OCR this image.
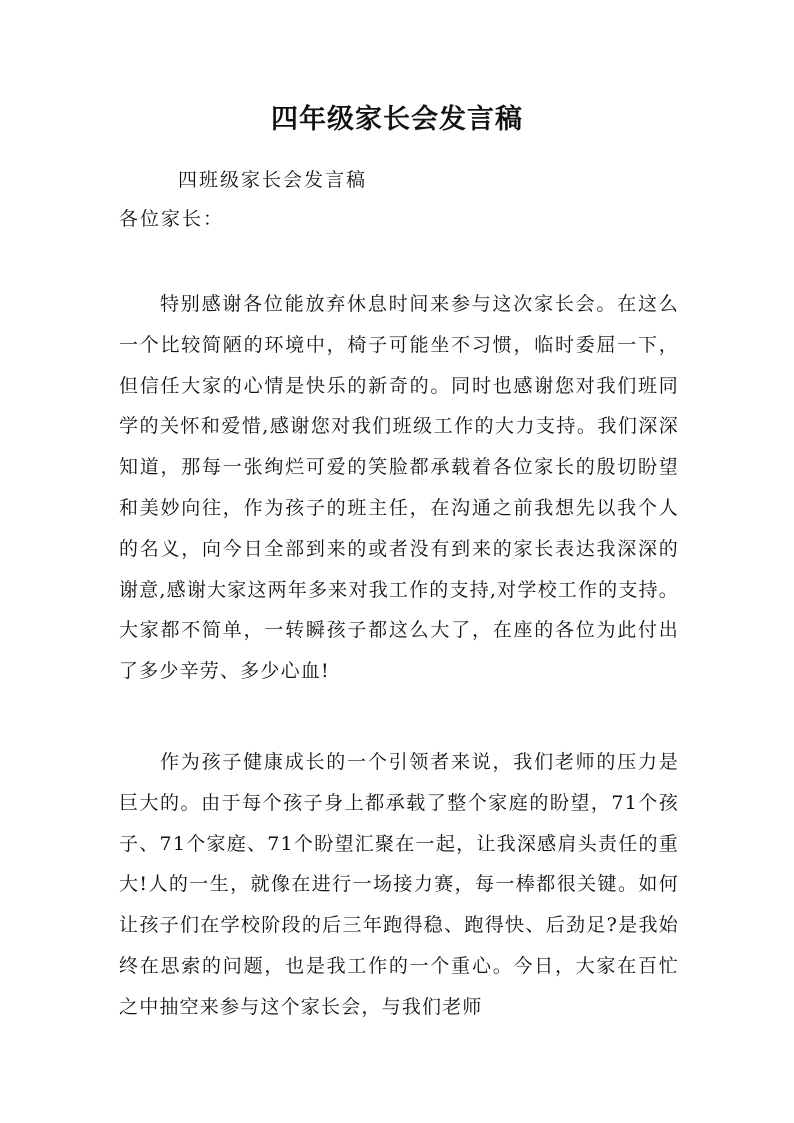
四年级家长会发言稿
四班级家长会发言稿
各位家长：

特别感谢各位能放弃休息时间来参与这次家长会。在这么一个比较简陋的环境中，椅子可能坐不习惯，临时委屈一下，但信任大家的心情是快乐的新奇的。同时也感谢您对我们班同学的关怀和爱惜,感谢您对我们班级工作的大力支持。我们深深知道，那每一张绚烂可爱的笑脸都承载着各位家长的殷切盼望和美妙向往，作为孩子的班主任，在沟通之前我想先以我个人的名义，向今日全部到来的或者没有到来的家长表达我深深的谢意,感谢大家这两年多来对我工作的支持,对学校工作的支持。大家都不简单，一转瞬孩子都这么大了，在座的各位为此付出了多少辛劳、多少心血!

作为孩子健康成长的一个引领者来说，我们老师的压力是巨大的。由于每个孩子身上都承载了整个家庭的盼望，71个孩子、71个家庭、71个盼望汇聚在一起，让我深感肩头责任的重大!人的一生，就像在进行一场接力赛，每一棒都很关键。如何让孩子们在学校阶段的后三年跑得稳、跑得快、后劲足?是我始终在思索的问题，也是我工作的一个重心。今日，大家在百忙之中抽空来参与这个家长会，与我们老师
